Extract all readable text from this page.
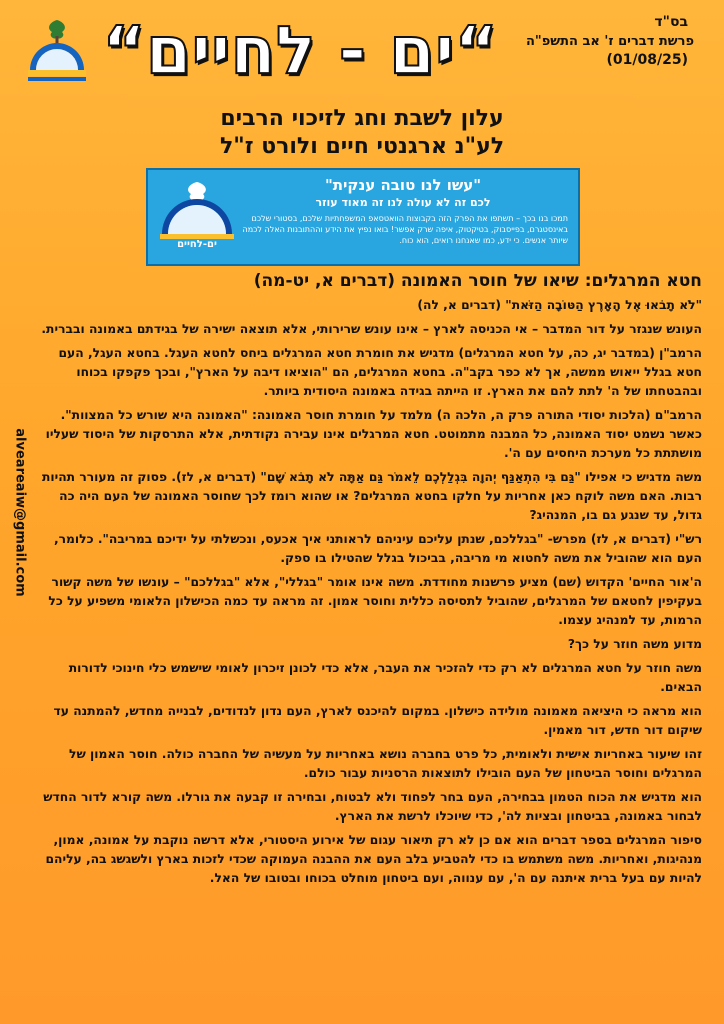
בס"ד
פרשת דברים ז' אב התשפ"ה
(01/08/25)
“ים - לחיים“
עלון לשבת וחג לזיכוי הרבים
לע"נ ארגנטי חיים ולורט ז"ל
ים-לחיים
"עשו לנו טובה ענקית"
לכם זה לא עולה לנו זה מאוד עוזר
תמכו בנו בכך – תשתפו את הפרק הזה בקבוצות הוואטסאפ המשפחתיות שלכם, בסטורי שלכם באינסטגרם, בפייסבוק, בטיקטוק, איפה שרק אפשר! בואו נפיץ את הידע וההתובנות האלה לכמה שיותר אנשים. כי ידע, כמו שאנחנו רואים, הוא כוח.
alveareaiw@gmail.com
חטא המרגלים: שיאו של חוסר האמונה (דברים א, יט-מה)

"לֹא תָבֹאוּ אֶל הָאָרֶץ הַטּוֹבָה הַזֹּאת" (דברים א, לה)

העונש שנגזר על דור המדבר – אי הכניסה לארץ – אינו עונש שרירותי, אלא תוצאה ישירה של בגידתם באמונה ובברית.

הרמב"ן (במדבר יג, כה, על חטא המרגלים) מדגיש את חומרת חטא המרגלים ביחס לחטא העגל. בחטא העגל, העם חטא בגלל ייאוש ממשה, אך לא כפר בקב"ה. בחטא המרגלים, הם "הוציאו דיבה על הארץ", ובכך פקפקו בכוחו ובהבטחתו של ה' לתת להם את הארץ. זו הייתה בגידה באמונה היסודית ביותר.

הרמב"ם (הלכות יסודי התורה פרק ה, הלכה ה) מלמד על חומרת חוסר האמונה: "האמונה היא שורש כל המצוות". כאשר נשמט יסוד האמונה, כל המבנה מתמוטט. חטא המרגלים אינו עבירה נקודתית, אלא התרסקות של היסוד שעליו מושתתת כל מערכת היחסים עם ה'.

משה מדגיש כי אפילו "גַּם בִּי הִתְאַנַּף יְהוָה בִּגְלַלְכֶם לֵאמֹר גַּם אַתָּה לֹא תָבֹא שָׁם" (דברים א, לז). פסוק זה מעורר תהיות רבות. האם משה לוקח כאן אחריות על חלקו בחטא המרגלים? או שהוא רומז לכך שחוסר האמונה של העם היה כה גדול, עד שנגע גם בו, המנהיג?

רש"י (דברים א, לז) מפרש- "בגללכם, שנתן עליכם עיניהם לראותני איך אכעס, ונכשלתי על ידיכם במריבה". כלומר, העם הוא שהוביל את משה לחטוא מי מריבה, בביכול בגלל שהטילו בו ספק.

ה'אור החיים' הקדוש (שם) מציע פרשנות מחודדת. משה אינו אומר "בגללי", אלא "בגללכם" – עונשו של משה קשור בעקיפין לחטאם של המרגלים, שהוביל לתסיסה כללית וחוסר אמון. זה מראה עד כמה הכישלון הלאומי משפיע על כל הרמות, עד למנהיג עצמו.

מדוע משה חוזר על כך?

משה חוזר על חטא המרגלים לא רק כדי להזכיר את העבר, אלא כדי לכונן זיכרון לאומי שישמש כלי חינוכי לדורות הבאים.

הוא מראה כי היציאה מאמונה מולידה כישלון. במקום להיכנס לארץ, העם נדון לנדודים, לבנייה מחדש, להמתנה עד שיקום דור חדש, דור מאמין.

זהו שיעור באחריות אישית ולאומית, כל פרט בחברה נושא באחריות על מעשיה של החברה כולה. חוסר האמון של המרגלים וחוסר הביטחון של העם הובילו לתוצאות הרסניות עבור כולם.

הוא מדגיש את הכוח הטמון בבחירה, העם בחר לפחוד ולא לבטוח, ובחירה זו קבעה את גורלו. משה קורא לדור החדש לבחור באמונה, בביטחון ובציות לה', כדי שיוכלו לרשת את הארץ.

סיפור המרגלים בספר דברים הוא אם כן לא רק תיאור עגום של אירוע היסטורי, אלא דרשה נוקבת על אמונה, אמון, מנהיגות, ואחריות. משה משתמש בו כדי להטביע בלב העם את ההבנה העמוקה שכדי לזכות בארץ ולשגשג בה, עליהם להיות עם בעל ברית איתנה עם ה', עם ענווה, ועם ביטחון מוחלט בכוחו ובטובו של האל.
